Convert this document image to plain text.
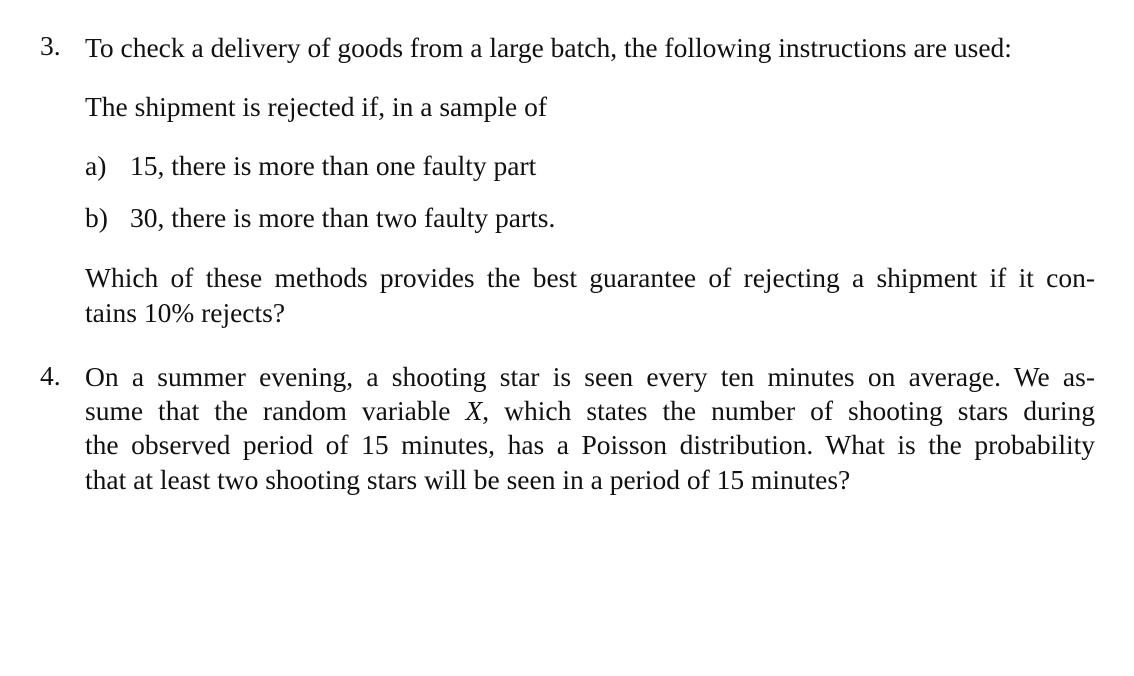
3. To check a delivery of goods from a large batch, the following instructions are used:
The shipment is rejected if, in a sample of
a) 15, there is more than one faulty part
b) 30, there is more than two faulty parts.
Which of these methods provides the best guarantee of rejecting a shipment if it con-
tains 10% rejects?
4. On a summer evening, a shooting star is seen every ten minutes on average. We as-
sume that the random variable X, which states the number of shooting stars during
the observed period of 15 minutes, has a Poisson distribution. What is the probability
that at least two shooting stars will be seen in a period of 15 minutes?
